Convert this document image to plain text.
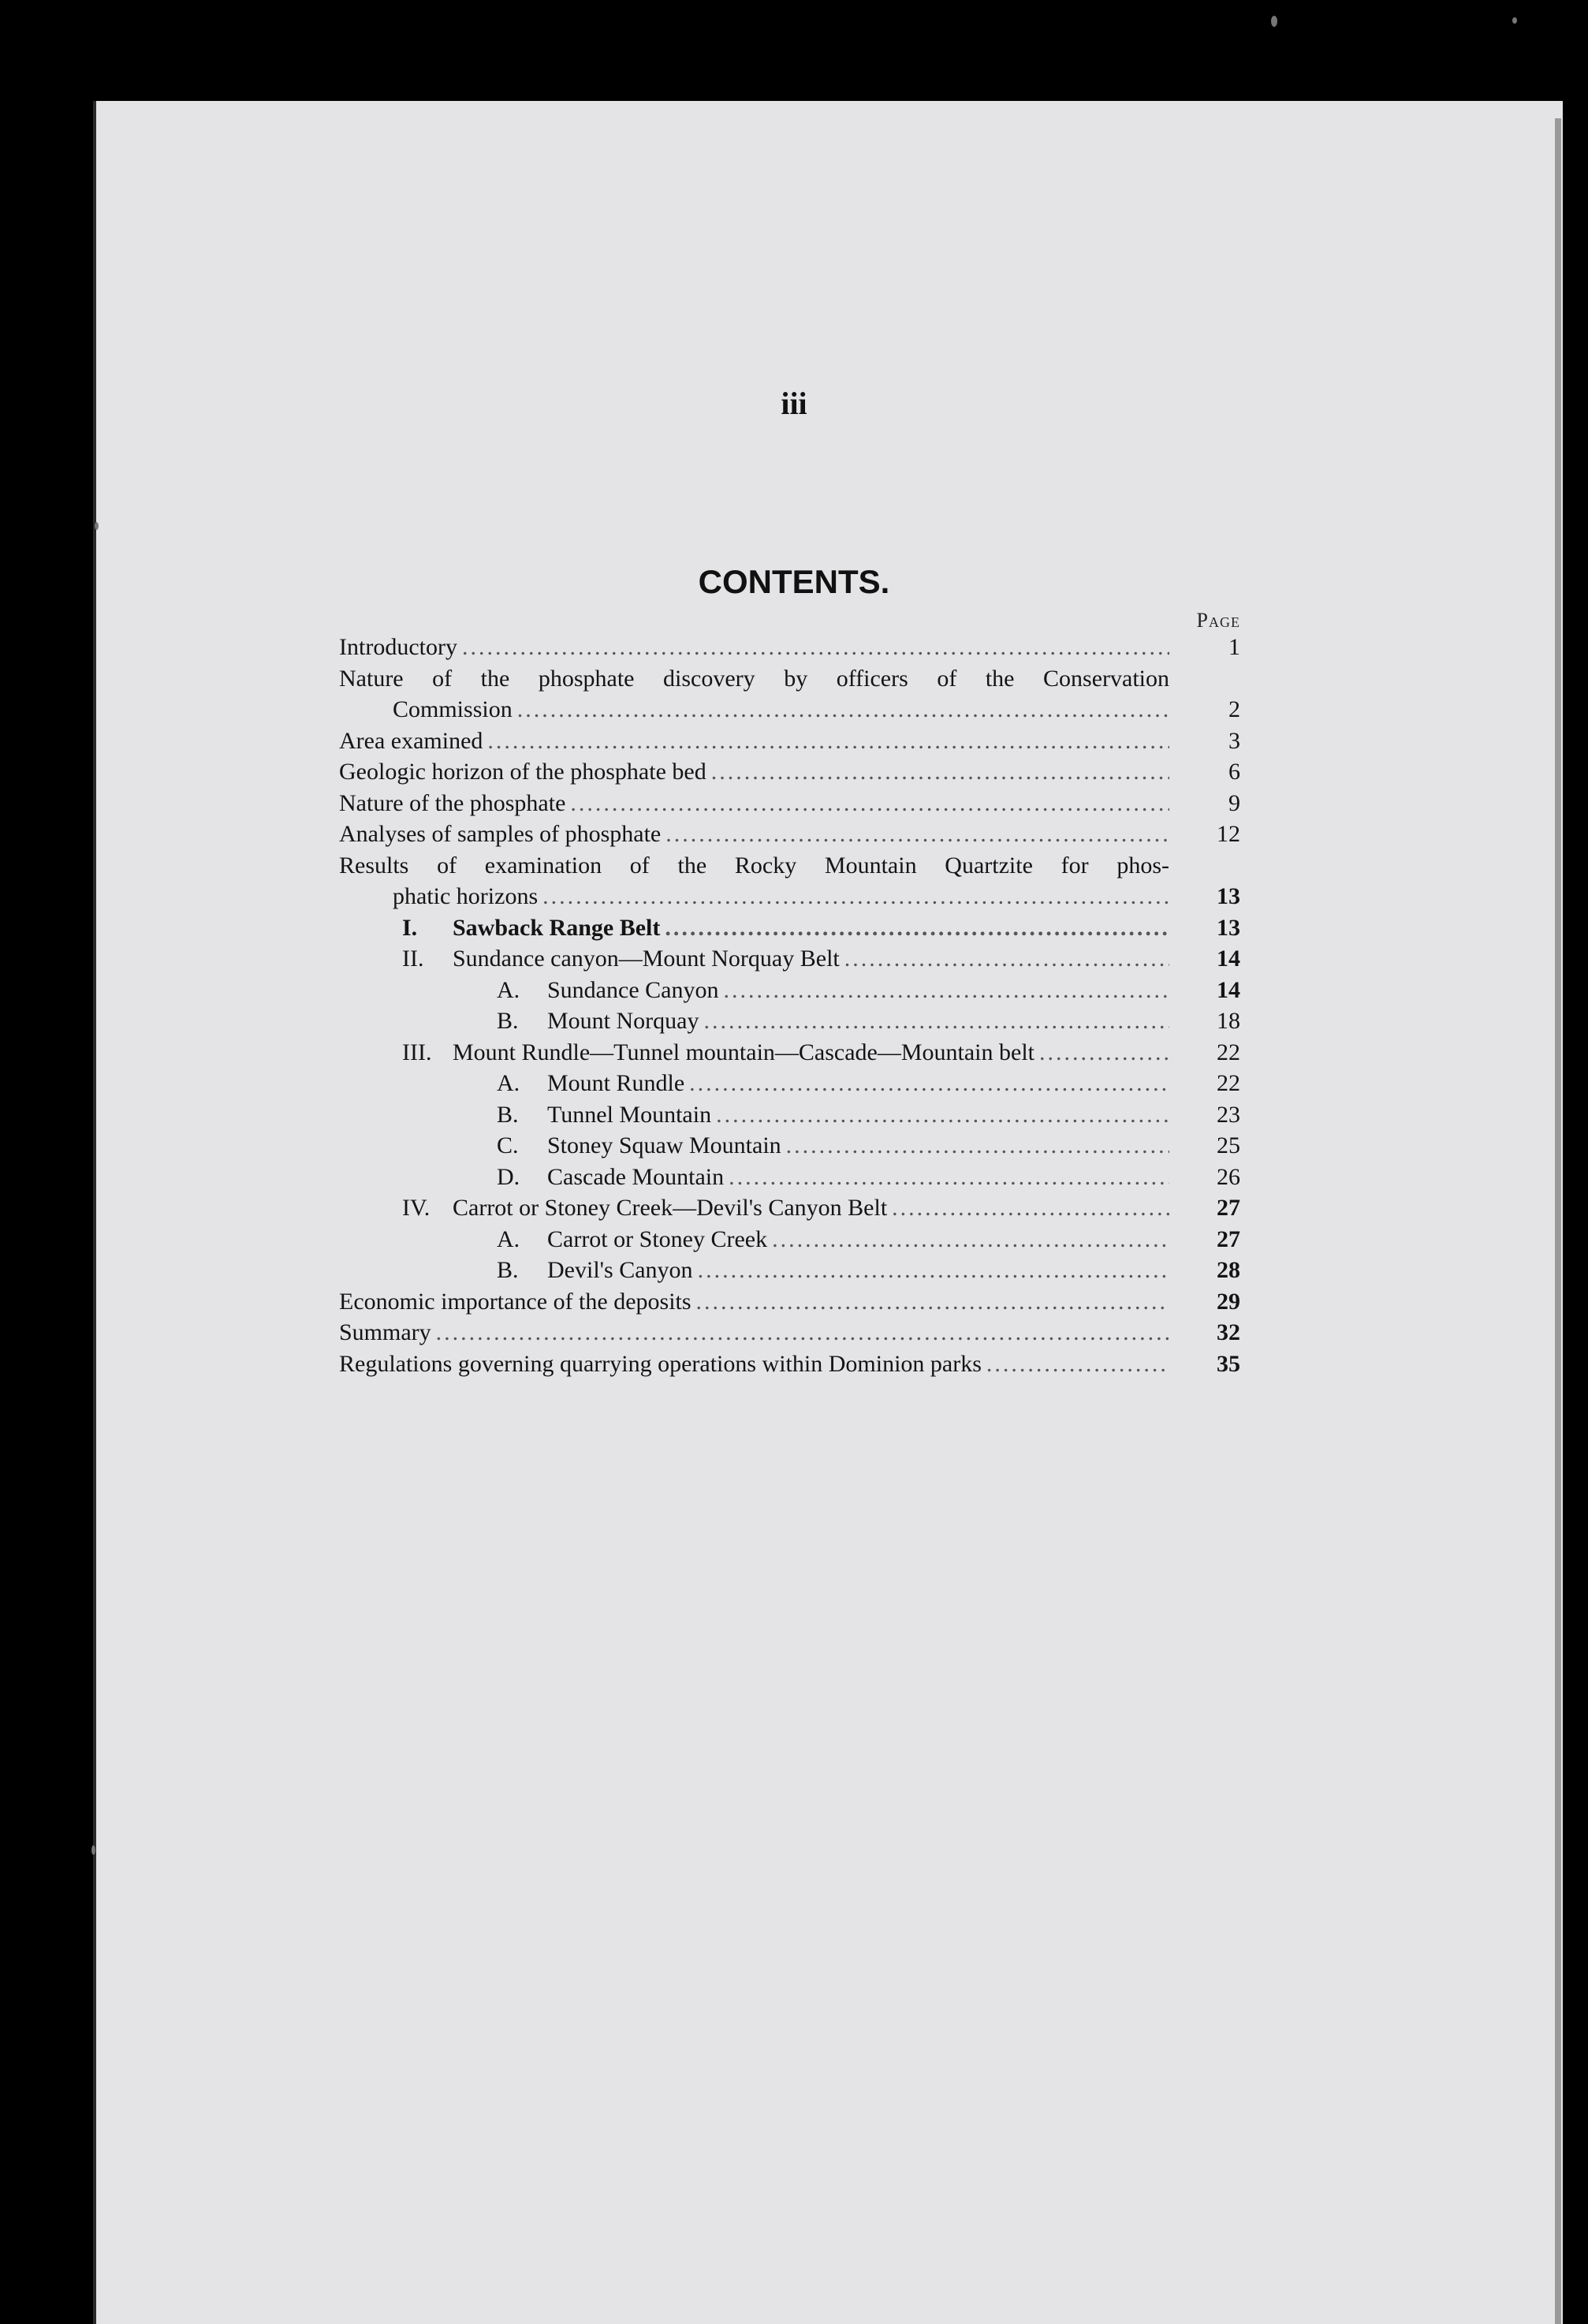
iii
CONTENTS.
Page
Introductory .....	1
Nature of the phosphate discovery by officers of the Conservation
Commission .....	2
Area examined .....	3
Geologic horizon of the phosphate bed .....	6
Nature of the phosphate .....	9
Analyses of samples of phosphate .....	12
Results of examination of the Rocky Mountain Quartzite for phos-
phatic horizons .....	13
I.	Sawback Range Belt .....	13
II.	Sundance canyon—Mount Norquay Belt .....	14
A.	Sundance Canyon .....	14
B.	Mount Norquay .....	18
III. Mount Rundle—Tunnel mountain—Cascade—Mountain belt .....	22
A.	Mount Rundle .....	22
B.	Tunnel Mountain .....	23
C.	Stoney Squaw Mountain .....	25
D.	Cascade Mountain .....	26
IV. Carrot or Stoney Creek—Devil's Canyon Belt .....	27
A.	Carrot or Stoney Creek .....	27
B.	Devil's Canyon .....	28
Economic importance of the deposits .....	29
Summary .....	32
Regulations governing quarrying operations within Dominion parks .....	35
